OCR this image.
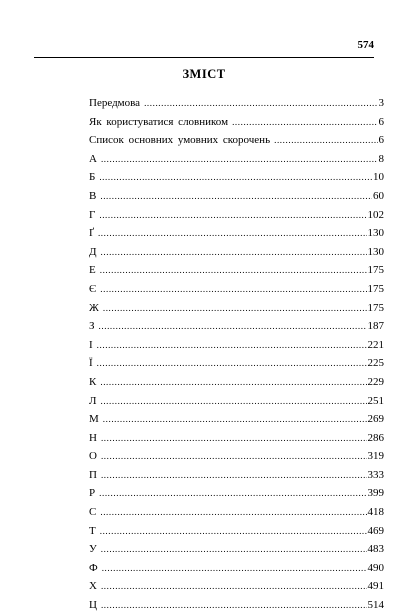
574
ЗМІСТ
Передмова .....	3
Як користуватися словником .....	6
Список основних умовних скорочень .....	6
А .....	8
Б .....	10
В .....	60
Г .....	102
Ґ .....	130
Д .....	130
Е .....	175
Є .....	175
Ж .....	175
З .....	187
І .....	221
Ї .....	225
К .....	229
Л .....	251
М .....	269
Н .....	286
О .....	319
П .....	333
Р .....	399
С .....	418
Т .....	469
У .....	483
Ф .....	490
Х .....	491
Ц .....	514
